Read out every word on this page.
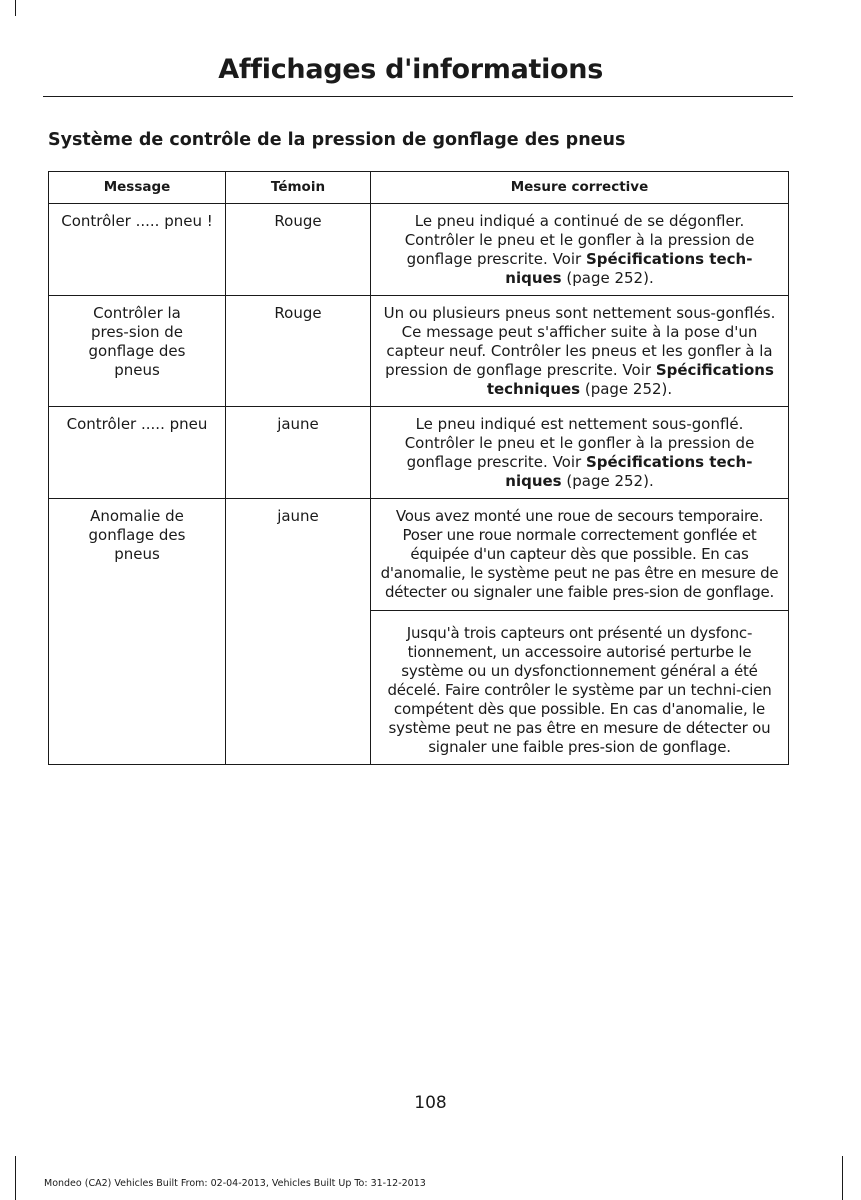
Affichages d'informations
Système de contrôle de la pression de gonflage des pneus
Message	Témoin	Mesure corrective

Contrôler ..... pneu !	Rouge	Le pneu indiqué a continué de se dégonfler. Contrôler le pneu et le gonfler à la pression de gonflage prescrite. Voir Spécifications tech-niques (page 252).

Contrôler la pres-sion de gonflage des pneus	Rouge	Un ou plusieurs pneus sont nettement sous-gonflés. Ce message peut s'afficher suite à la pose d'un capteur neuf. Contrôler les pneus et les gonfler à la pression de gonflage prescrite. Voir Spécifications techniques (page 252).
Contrôler ..... pneu	jaune	Le pneu indiqué est nettement sous-gonflé. Contrôler le pneu et le gonfler à la pression de gonflage prescrite. Voir Spécifications tech-niques (page 252).

Anomalie de gonflage des pneus	jaune	Vous avez monté une roue de secours temporaire. Poser une roue normale correctement gonflée et équipée d'un capteur dès que possible. En cas d'anomalie, le système peut ne pas être en mesure de détecter ou signaler une faible pres-sion de gonflage.
		Jusqu'à trois capteurs ont présenté un dysfonc-tionnement, un accessoire autorisé perturbe le système ou un dysfonctionnement général a été décelé. Faire contrôler le système par un techni-cien compétent dès que possible. En cas d'anomalie, le système peut ne pas être en mesure de détecter ou signaler une faible pres-sion de gonflage.
108
Mondeo (CA2) Vehicles Built From: 02-04-2013, Vehicles Built Up To: 31-12-2013
